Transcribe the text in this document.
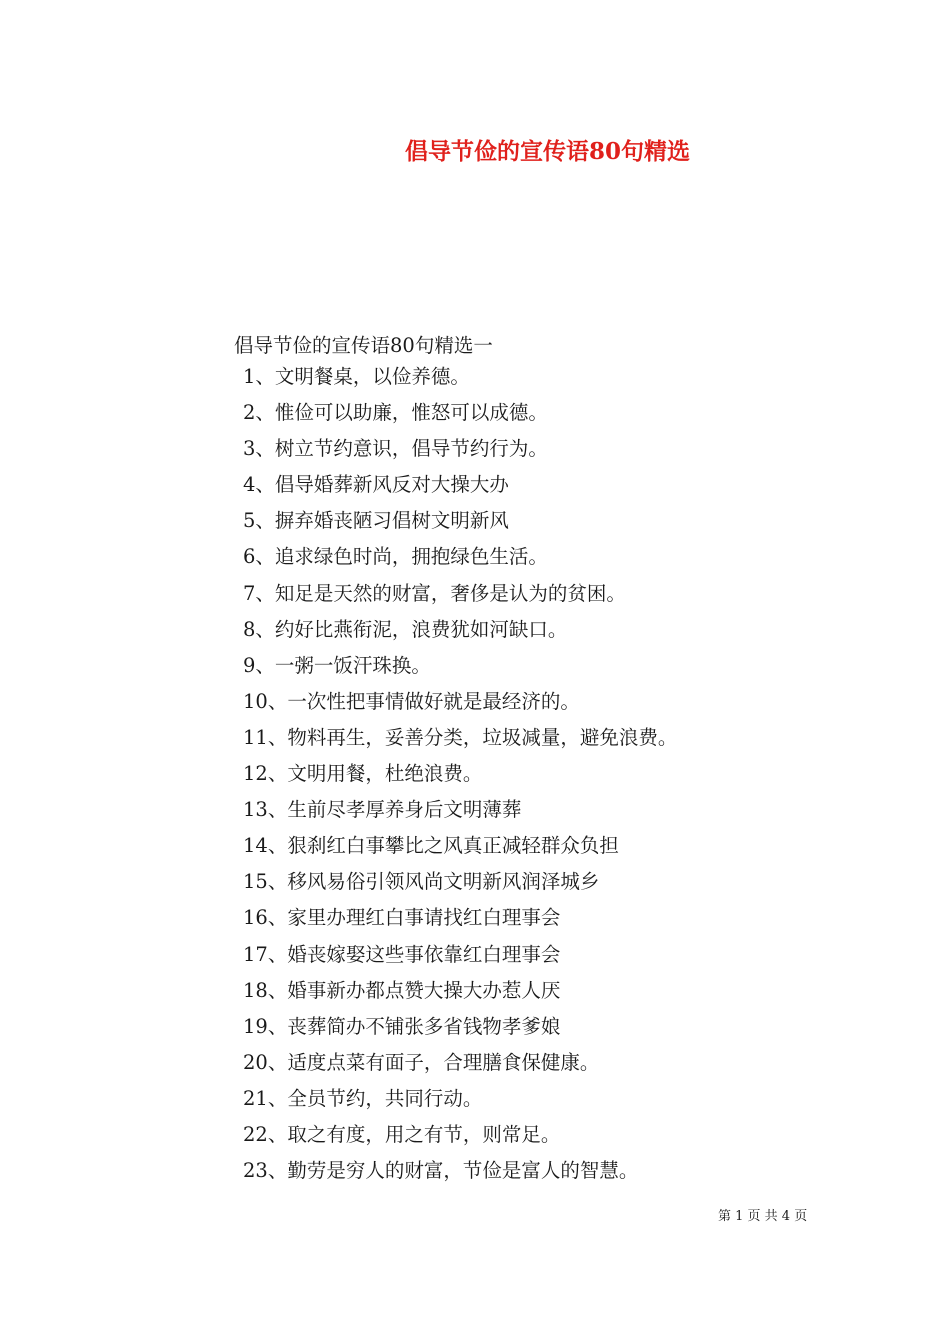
倡导节俭的宣传语80句精选
倡导节俭的宣传语80句精选一
1、文明餐桌，以俭养德。
2、惟俭可以助廉，惟怒可以成德。
3、树立节约意识，倡导节约行为。
4、倡导婚葬新风反对大操大办
5、摒弃婚丧陋习倡树文明新风
6、追求绿色时尚，拥抱绿色生活。
7、知足是天然的财富，奢侈是认为的贫困。
8、约好比燕衔泥，浪费犹如河缺口。
9、一粥一饭汗珠换。
10、一次性把事情做好就是最经济的。
11、物料再生，妥善分类，垃圾减量，避免浪费。
12、文明用餐，杜绝浪费。
13、生前尽孝厚养身后文明薄葬
14、狠刹红白事攀比之风真正减轻群众负担
15、移风易俗引领风尚文明新风润泽城乡
16、家里办理红白事请找红白理事会
17、婚丧嫁娶这些事依靠红白理事会
18、婚事新办都点赞大操大办惹人厌
19、丧葬简办不铺张多省钱物孝爹娘
20、适度点菜有面子，合理膳食保健康。
21、全员节约，共同行动。
22、取之有度，用之有节，则常足。
23、勤劳是穷人的财富，节俭是富人的智慧。
第 1 页 共 4 页
